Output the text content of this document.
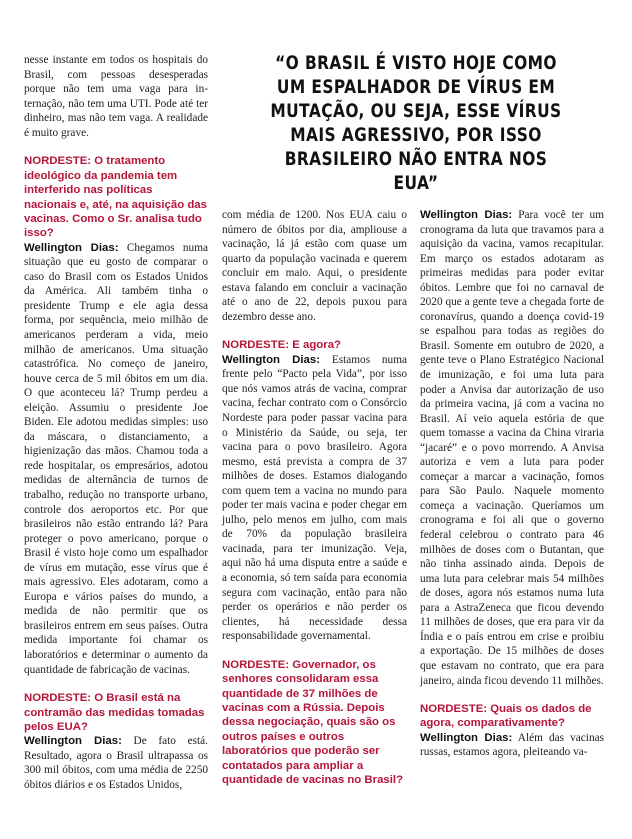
“O BRASIL É VISTO HOJE COMO UM ESPALHADOR DE VÍRUS EM MUTAÇÃO, OU SEJA, ESSE VÍRUS MAIS AGRESSIVO, POR ISSO BRASILEIRO NÃO ENTRA NOS EUA”

nesse instante em todos os hospitais do Brasil, com pessoas desesperadas porque não tem uma vaga para internação, não tem uma UTI. Pode até ter dinheiro, mas não tem vaga. A realidade é muito grave.

NORDESTE: O tratamento ideológico da pandemia tem interferido nas políticas nacionais e, até, na aquisição das vacinas. Como o Sr. analisa tudo isso?

Wellington Dias: Chegamos numa situação que eu gosto de comparar o caso do Brasil com os Estados Unidos da América. Ali também tinha o presidente Trump e ele agia dessa forma, por sequência, meio milhão de americanos perderam a vida, meio milhão de americanos. Uma situação catastrófica. No começo de janeiro, houve cerca de 5 mil óbitos em um dia. O que aconteceu lá? Trump perdeu a eleição. Assumiu o presidente Joe Biden. Ele adotou medidas simples: uso da máscara, o distanciamento, a higienização das mãos. Chamou toda a rede hospitalar, os empresários, adotou medidas de alternância de turnos de trabalho, redução no transporte urbano, controle dos aeroportos etc. Por que brasileiros não estão entrando lá? Para proteger o povo americano, porque o Brasil é visto hoje como um espalhador de vírus em mutação, esse vírus que é mais agressivo. Eles adotaram, como a Europa e vários países do mundo, a medida de não permitir que os brasileiros entrem em seus países. Outra medida importante foi chamar os laboratórios e determinar o aumento da quantidade de fabricação de vacinas.

NORDESTE: O Brasil está na contramão das medidas tomadas pelos EUA?

Wellington Dias: De fato está. Resultado, agora o Brasil ultrapassa os 300 mil óbitos, com uma média de 2250 óbitos diários e os Estados Unidos,

com média de 1200. Nos EUA caiu o número de óbitos por dia, ampliouse a vacinação, lá já estão com quase um quarto da população vacinada e querem concluir em maio. Aqui, o presidente estava falando em concluir a vacinação até o ano de 22, depois puxou para dezembro desse ano.

NORDESTE: E agora?

Wellington Dias: Estamos numa frente pelo “Pacto pela Vida”, por isso que nós vamos atrás de vacina, comprar vacina, fechar contrato com o Consórcio Nordeste para poder passar vacina para o Ministério da Saúde, ou seja, ter vacina para o povo brasileiro. Agora mesmo, está prevista a compra de 37 milhões de doses. Estamos dialogando com quem tem a vacina no mundo para poder ter mais vacina e poder chegar em julho, pelo menos em julho, com mais de 70% da população brasileira vacinada, para ter imunização. Veja, aqui não há uma disputa entre a saúde e a economia, só tem saída para economia segura com vacinação, então para não perder os operários e não perder os clientes, há necessidade dessa responsabilidade governamental.

NORDESTE: Governador, os senhores consolidaram essa quantidade de 37 milhões de vacinas com a Rússia. Depois dessa negociação, quais são os outros países e outros laboratórios que poderão ser contatados para ampliar a quantidade de vacinas no Brasil?

Wellington Dias: Para você ter um cronograma da luta que travamos para a aquisição da vacina, vamos recapitular. Em março os estados adotaram as primeiras medidas para poder evitar óbitos. Lembre que foi no carnaval de 2020 que a gente teve a chegada forte de coronavírus, quando a doença covid-19 se espalhou para todas as regiões do Brasil. Somente em outubro de 2020, a gente teve o Plano Estratégico Nacional de imunização, e foi uma luta para poder a Anvisa dar autorização de uso da primeira vacina, já com a vacina no Brasil. Aí veio aquela estória de que quem tomasse a vacina da China viraria “jacaré” e o povo morrendo. A Anvisa autoriza e vem a luta para poder começar a marcar a vacinação, fomos para São Paulo. Naquele momento começa a vacinação. Queríamos um cronograma e foi ali que o governo federal celebrou o contrato para 46 milhões de doses com o Butantan, que não tinha assinado ainda. Depois de uma luta para celebrar mais 54 milhões de doses, agora nós estamos numa luta para a AstraZeneca que ficou devendo 11 milhões de doses, que era para vir da Índia e o país entrou em crise e proibiu a exportação. De 15 milhões de doses que estavam no contrato, que era para janeiro, ainda ficou devendo 11 milhões.

NORDESTE: Quais os dados de agora, comparativamente?

Wellington Dias: Além das vacinas russas, estamos agora, pleiteando va-
